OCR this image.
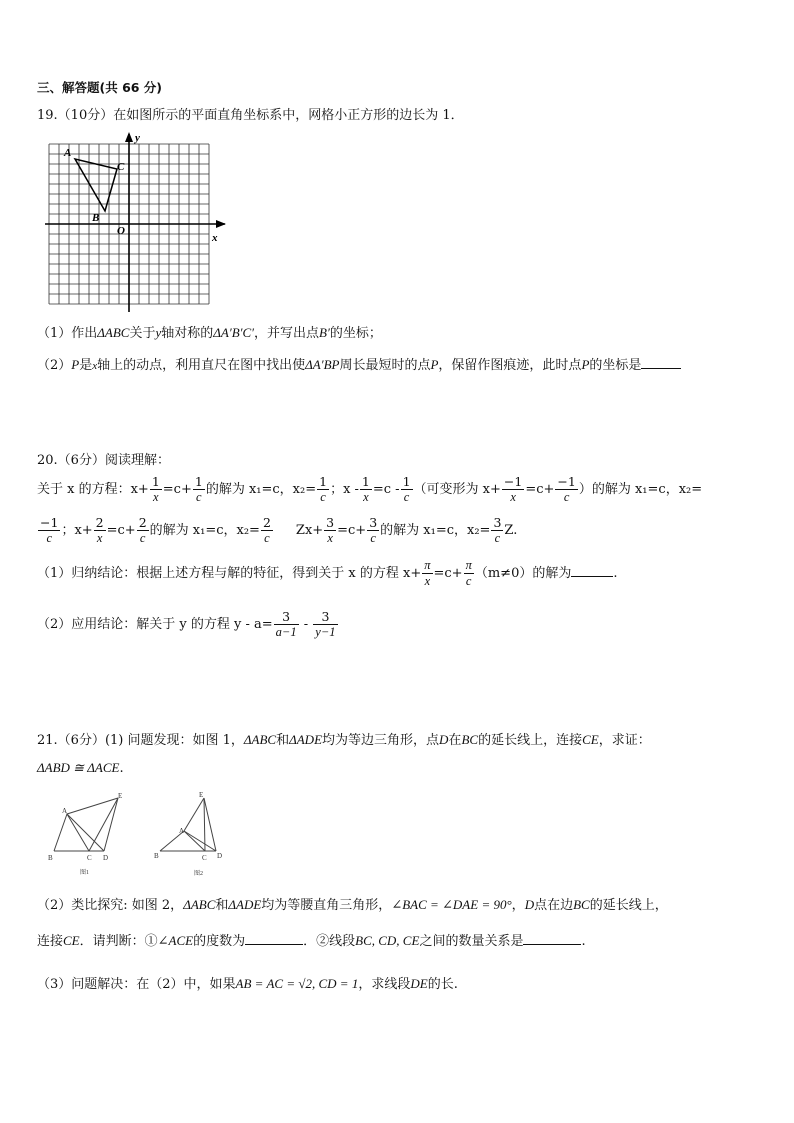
三、解答题(共 66 分)
19.（10分）在如图所示的平面直角坐标系中，网格小正方形的边长为 1．
A
C
B
O
x
y
（1）作出ΔABC关于y轴对称的ΔA′B′C′，并写出点B′的坐标；
（2）P是x轴上的动点，利用直尺在图中找出使ΔA′BP周长最短时的点P，保留作图痕迹，此时点P的坐标是
20.（6分）阅读理解：
关于 x 的方程：$x+ \frac{1}{x} =c+ \frac{1}{c}$ 的解为 x₁=c，$x_2= \frac{1}{c}$ ；$x - \frac{1}{x} =c - \frac{1}{c}$ （可变形为 $x+ \frac{-1}{x} =c+ \frac{-1}{c}$ ）的解为 x₁=c，x₂=
$\frac{-1}{c}$ ；$x+ \frac{2}{x} =c+ \frac{2}{c}$ 的解为 x₁=c，$x_2= \frac{2}{c} Zx+ \frac{3}{x} =c+ \frac{3}{c}$ 的解为 x₁=c，$x_2= \frac{3}{c} Z$.
（1）归纳结论：根据上述方程与解的特征，得到关于 x 的方程 $x+ \frac{\pi}{x} =c+ \frac{\pi}{c} (m\ne 0)$的解为	.
（2）应用结论：解关于 y 的方程 $y - a= \frac{3}{a-1} - \frac{3}{y-1}$
21.（6分）(1) 问题发现：如图 1，ΔABC和ΔADE均为等边三角形，点D在BC的延长线上，连接CE，求证：
ΔABD ≅ ΔACE.
A
B	C D
E
图1
A
B	C D
E
图2
（2）类比探究: 如图 2，ΔABC和ΔADE均为等腰直角三角形，∠BAC = ∠DAE = 90°，D点在边BC的延长线上，
连接CE．请判断：①∠ACE的度数为	．②线段BC, CD, CE之间的数量关系是	.
（3）问题解决：在（2）中，如果AB = AC = √2, CD = 1，求线段DE的长.
